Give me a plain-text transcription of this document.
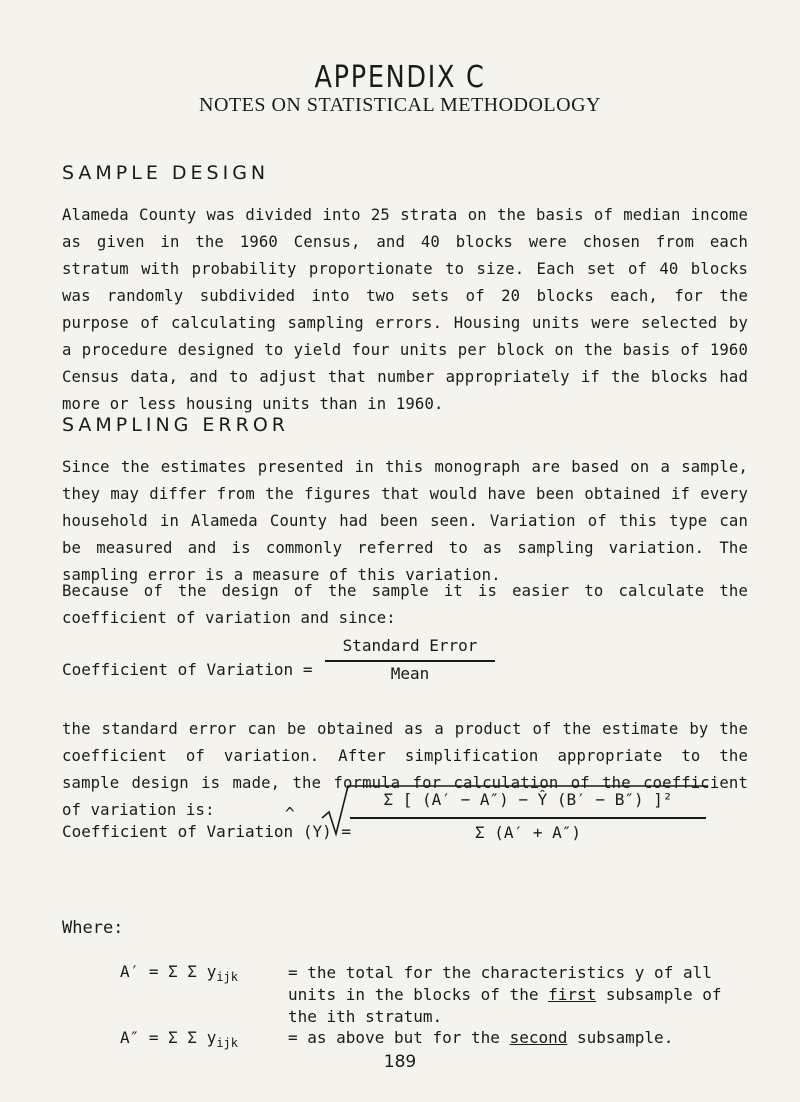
APPENDIX C
NOTES ON STATISTICAL METHODOLOGY
SAMPLE DESIGN
Alameda County was divided into 25 strata on the basis of median income as given in the 1960 Census, and 40 blocks were chosen from each stratum with probability proportionate to size. Each set of 40 blocks was randomly subdivided into two sets of 20 blocks each, for the purpose of calculating sampling errors. Housing units were selected by a procedure designed to yield four units per block on the basis of 1960 Census data, and to adjust that number appropriately if the blocks had more or less housing units than in 1960.
SAMPLING ERROR
Since the estimates presented in this monograph are based on a sample, they may differ from the figures that would have been obtained if every household in Alameda County had been seen. Variation of this type can be measured and is commonly referred to as sampling variation. The sampling error is a measure of this variation.
Because of the design of the sample it is easier to calculate the coefficient of variation and since:
Coefficient of Variation =
Standard Error
Mean
the standard error can be obtained as a product of the estimate by the coefficient of variation. After simplification appropriate to the sample design is made, the formula for calculation of the coefficient of variation is:	^
Coefficient of Variation (Y) =
Σ [ (A′ − A″) − Ŷ (B′ − B″) ]²
Σ (A′ + A″)
Where:
A′ = Σ Σ $y_{ijk}$	= the total for the characteristics y of all units in the blocks of the first subsample of the ith stratum.
A″ = Σ Σ $y_{ijk}$	= as above but for the second subsample.
189
